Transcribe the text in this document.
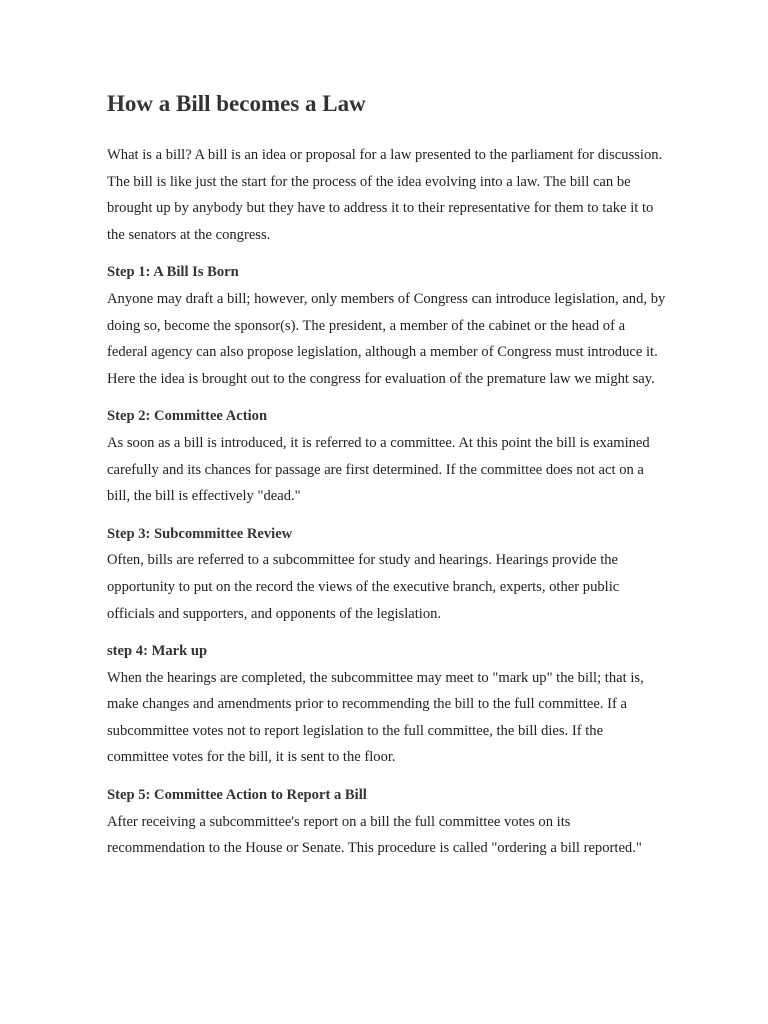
How a Bill becomes a Law

What is a bill? A bill is an idea or proposal for a law presented to the parliament for discussion. The bill is like just the start for the process of the idea evolving into a law. The bill can be brought up by anybody but they have to address it to their representative for them to take it to the senators at the congress.

Step 1: A Bill Is Born

Anyone may draft a bill; however, only members of Congress can introduce legislation, and, by doing so, become the sponsor(s). The president, a member of the cabinet or the head of a federal agency can also propose legislation, although a member of Congress must introduce it. Here the idea is brought out to the congress for evaluation of the premature law we might say.

Step 2: Committee Action

As soon as a bill is introduced, it is referred to a committee. At this point the bill is examined carefully and its chances for passage are first determined. If the committee does not act on a bill, the bill is effectively "dead."

Step 3: Subcommittee Review

Often, bills are referred to a subcommittee for study and hearings. Hearings provide the opportunity to put on the record the views of the executive branch, experts, other public officials and supporters, and opponents of the legislation.

step 4: Mark up

When the hearings are completed, the subcommittee may meet to "mark up" the bill; that is, make changes and amendments prior to recommending the bill to the full committee. If a subcommittee votes not to report legislation to the full committee, the bill dies. If the committee votes for the bill, it is sent to the floor.

Step 5: Committee Action to Report a Bill

After receiving a subcommittee's report on a bill the full committee votes on its recommendation to the House or Senate. This procedure is called "ordering a bill reported."
